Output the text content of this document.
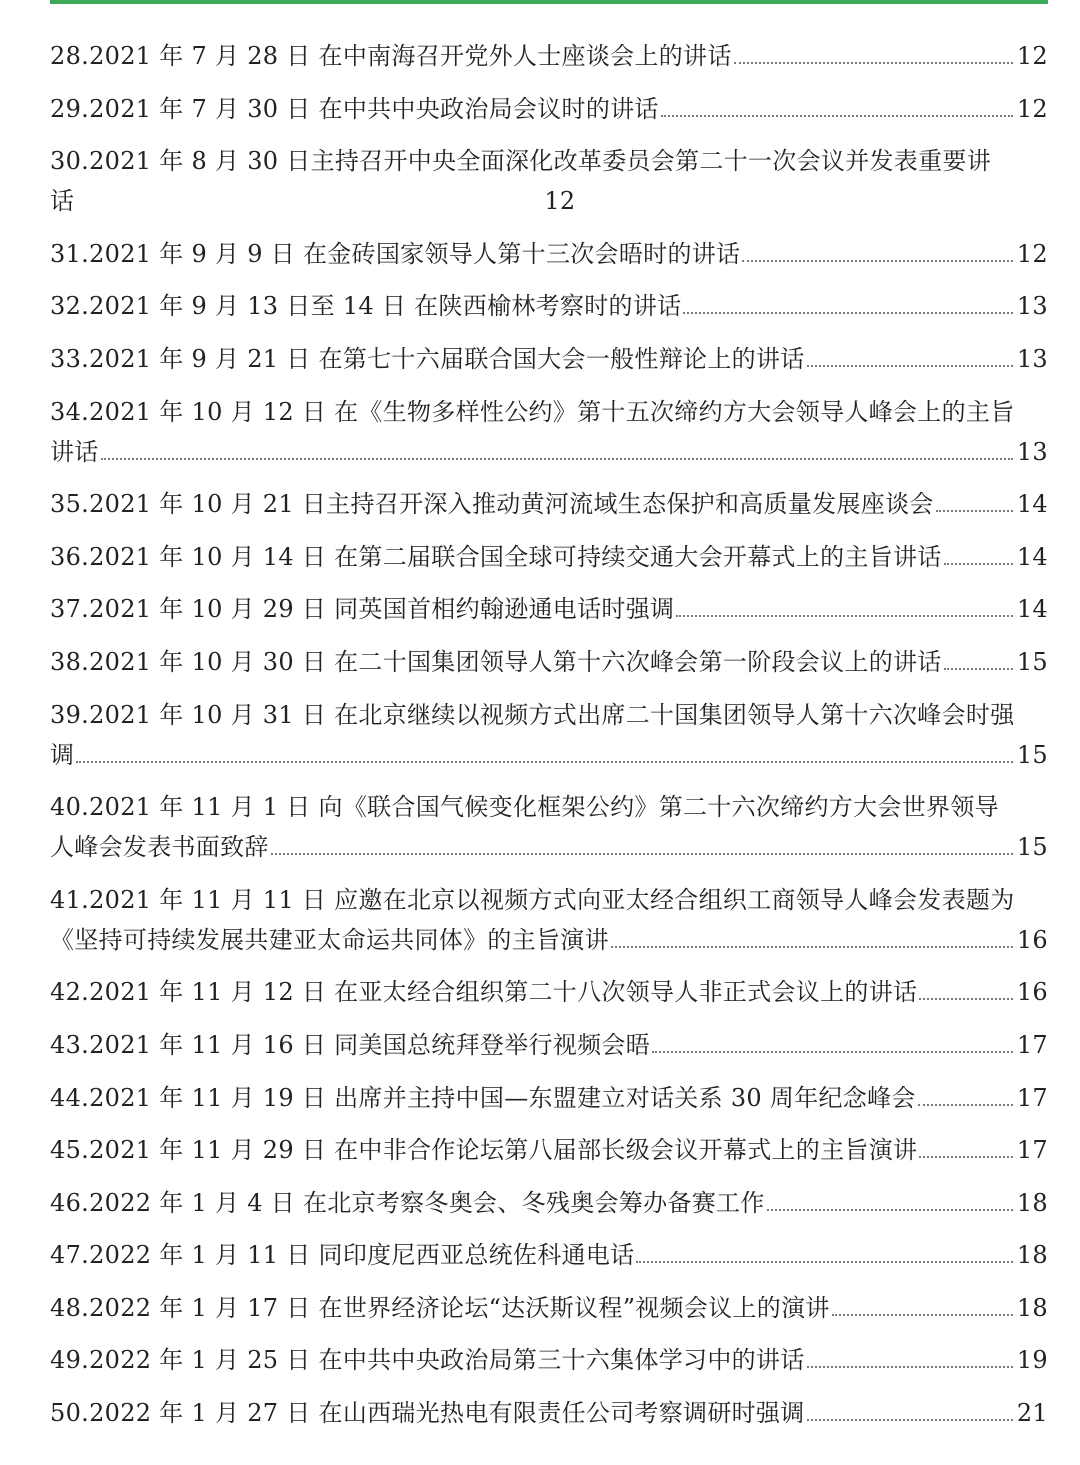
28.2021 年 7 月 28 日 在中南海召开党外人士座谈会上的讲话	12
29.2021 年 7 月 30 日 在中共中央政治局会议时的讲话	12
30.2021 年 8 月 30 日主持召开中央全面深化改革委员会第二十一次会议并发表重要讲
话	12
31.2021 年 9 月 9 日 在金砖国家领导人第十三次会晤时的讲话	12
32.2021 年 9 月 13 日至 14 日 在陕西榆林考察时的讲话	13
33.2021 年 9 月 21 日 在第七十六届联合国大会一般性辩论上的讲话	13
34.2021 年 10 月 12 日 在《生物多样性公约》第十五次缔约方大会领导人峰会上的主旨
讲话	13
35.2021 年 10 月 21 日主持召开深入推动黄河流域生态保护和高质量发展座谈会	14
36.2021 年 10 月 14 日 在第二届联合国全球可持续交通大会开幕式上的主旨讲话	14
37.2021 年 10 月 29 日 同英国首相约翰逊通电话时强调	14
38.2021 年 10 月 30 日 在二十国集团领导人第十六次峰会第一阶段会议上的讲话	15
39.2021 年 10 月 31 日 在北京继续以视频方式出席二十国集团领导人第十六次峰会时强
调	15
40.2021 年 11 月 1 日 向《联合国气候变化框架公约》第二十六次缔约方大会世界领导
人峰会发表书面致辞	15
41.2021 年 11 月 11 日 应邀在北京以视频方式向亚太经合组织工商领导人峰会发表题为
《坚持可持续发展共建亚太命运共同体》的主旨演讲	16
42.2021 年 11 月 12 日 在亚太经合组织第二十八次领导人非正式会议上的讲话	16
43.2021 年 11 月 16 日 同美国总统拜登举行视频会晤	17
44.2021 年 11 月 19 日 出席并主持中国—东盟建立对话关系 30 周年纪念峰会	17
45.2021 年 11 月 29 日 在中非合作论坛第八届部长级会议开幕式上的主旨演讲	17
46.2022 年 1 月 4 日 在北京考察冬奥会、冬残奥会筹办备赛工作	18
47.2022 年 1 月 11 日 同印度尼西亚总统佐科通电话	18
48.2022 年 1 月 17 日 在世界经济论坛“达沃斯议程”视频会议上的演讲	18
49.2022 年 1 月 25 日 在中共中央政治局第三十六集体学习中的讲话	19
50.2022 年 1 月 27 日 在山西瑞光热电有限责任公司考察调研时强调	21
